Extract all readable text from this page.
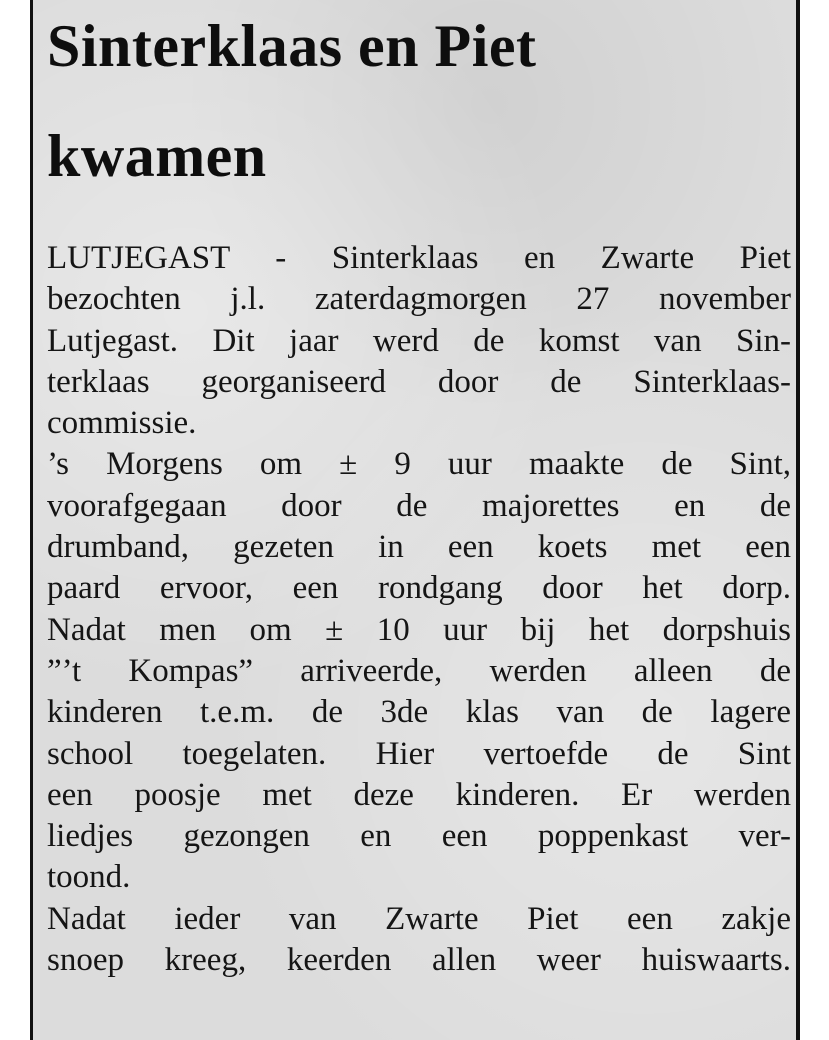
Sinterklaas en Piet
kwamen
LUTJEGAST - Sinterklaas en Zwarte Piet
bezochten j.l. zaterdagmorgen 27 november
Lutjegast. Dit jaar werd de komst van Sin-
terklaas georganiseerd door de Sinterklaas-
commissie.
’s Morgens om ± 9 uur maakte de Sint,
voorafgegaan door de majorettes en de
drumband, gezeten in een koets met een
paard ervoor, een rondgang door het dorp.
Nadat men om ± 10 uur bij het dorpshuis
”’t Kompas” arriveerde, werden alleen de
kinderen t.e.m. de 3de klas van de lagere
school toegelaten. Hier vertoefde de Sint
een poosje met deze kinderen. Er werden
liedjes gezongen en een poppenkast ver-
toond.
Nadat ieder van Zwarte Piet een zakje
snoep kreeg, keerden allen weer huiswaarts.
